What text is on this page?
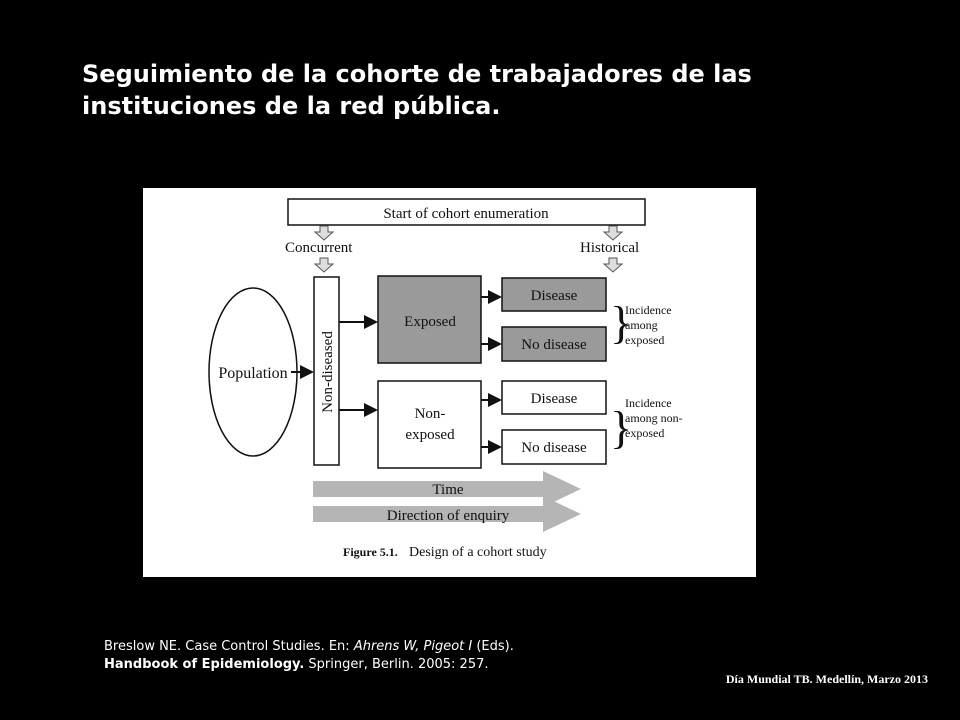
Seguimiento de la cohorte de trabajadores de las
instituciones de la red pública.
Start of cohort enumeration
Concurrent	Historical
Population Non-diseased
Exposed
Non-
exposed
Disease
No disease
Disease
No disease
}
}
Incidence
among
exposed
Incidence
among non-
exposed
Time
Direction of enquiry
Figure 5.1. Design of a cohort study
Breslow NE. Case Control Studies. En: Ahrens W, Pigeot I (Eds).
Handbook of Epidemiology. Springer, Berlin. 2005: 257.
Día Mundial TB. Medellín, Marzo 2013
